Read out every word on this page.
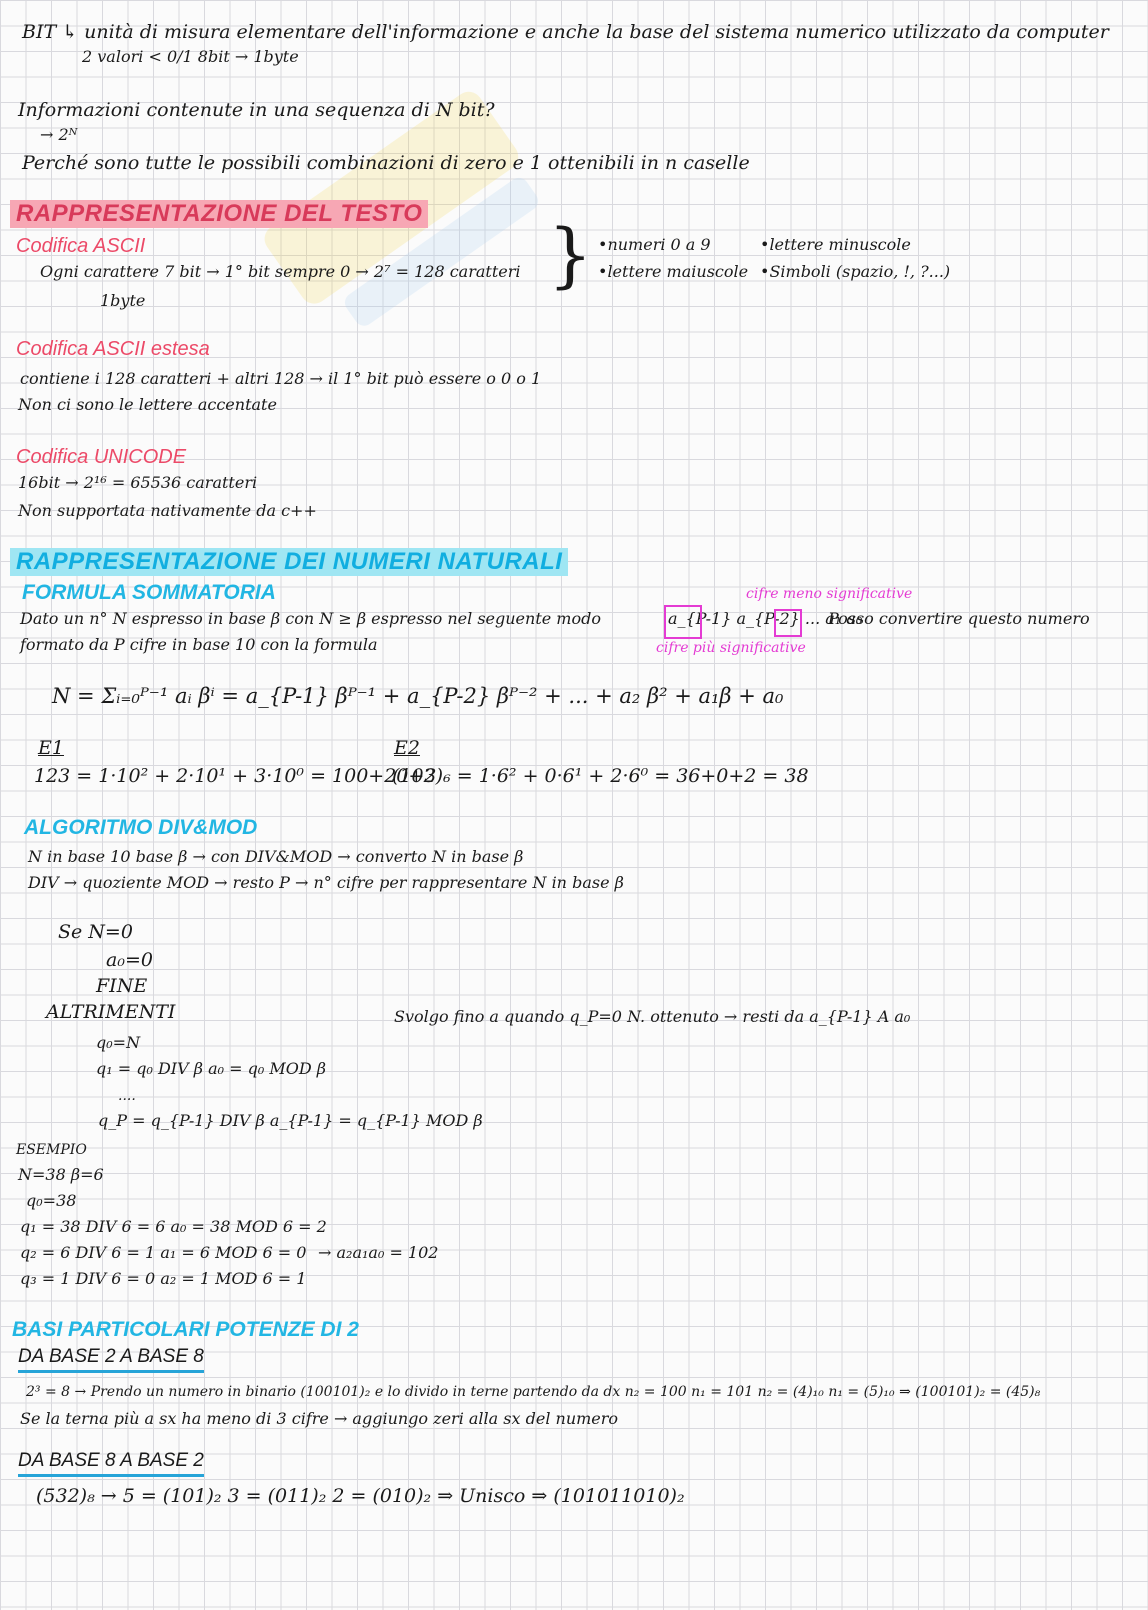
BIT ↳ unità di misura elementare dell'informazione e anche la base del sistema numerico utilizzato da computer
2 valori < 0/1 8bit → 1byte
Informazioni contenute in una sequenza di N bit?
→ 2ᴺ
Perché sono tutte le possibili combinazioni di zero e 1 ottenibili in n caselle
RAPPRESENTAZIONE DEL TESTO
Codifica ASCII
Ogni carattere 7 bit → 1° bit sempre 0 → 2⁷ = 128 caratteri
1byte
} •numeri 0 a 9	•lettere minuscole
•lettere maiuscole •Simboli (spazio, !, ?...)
Codifica ASCII estesa
contiene i 128 caratteri + altri 128 → il 1° bit può essere o 0 o 1
Non ci sono le lettere accentate
Codifica UNICODE
16bit → 2¹⁶ = 65536 caratteri
Non supportata nativamente da c++
RAPPRESENTAZIONE DEI NUMERI NATURALI
FORMULA SOMMATORIA	cifre meno significative
Dato un n° N espresso in base β con N ≥ β espresso nel seguente modo	a_{P-1} a_{P-2} ... a₁ a₀
Posso convertire questo numero
formato da P cifre in base 10 con la formula	cifre più significative
N = Σᵢ₌₀ᴾ⁻¹ aᵢ βⁱ = a_{P-1} βᴾ⁻¹ + a_{P-2} βᴾ⁻² + ... + a₂ β² + a₁β + a₀
E1
123 = 1·10² + 2·10¹ + 3·10⁰ = 100+20+3
E2
(102)₆ = 1·6² + 0·6¹ + 2·6⁰ = 36+0+2 = 38
ALGORITMO DIV&MOD
N in base 10 base β → con DIV&MOD → converto N in base β
DIV → quoziente MOD → resto P → n° cifre per rappresentare N in base β
Se N=0
a₀=0
FINE
ALTRIMENTI	Svolgo fino a quando q_P=0 N. ottenuto → resti da a_{P-1} A a₀
q₀=N
q₁ = q₀ DIV β a₀ = q₀ MOD β
....
q_P = q_{P-1} DIV β a_{P-1} = q_{P-1} MOD β
ESEMPIO
N=38 β=6
q₀=38
q₁ = 38 DIV 6 = 6 a₀ = 38 MOD 6 = 2
q₂ = 6 DIV 6 = 1 a₁ = 6 MOD 6 = 0
q₃ = 1 DIV 6 = 0 a₂ = 1 MOD 6 = 1
→ a₂a₁a₀ = 102
BASI PARTICOLARI POTENZE DI 2
DA BASE 2 A BASE 8
2³ = 8 → Prendo un numero in binario (100101)₂ e lo divido in terne partendo da dx n₂ = 100 n₁ = 101 n₂ = (4)₁₀ n₁ = (5)₁₀ ⇒ (100101)₂ = (45)₈
Se la terna più a sx ha meno di 3 cifre → aggiungo zeri alla sx del numero
DA BASE 8 A BASE 2
(532)₈ → 5 = (101)₂ 3 = (011)₂ 2 = (010)₂ ⇒ Unisco ⇒ (101011010)₂
